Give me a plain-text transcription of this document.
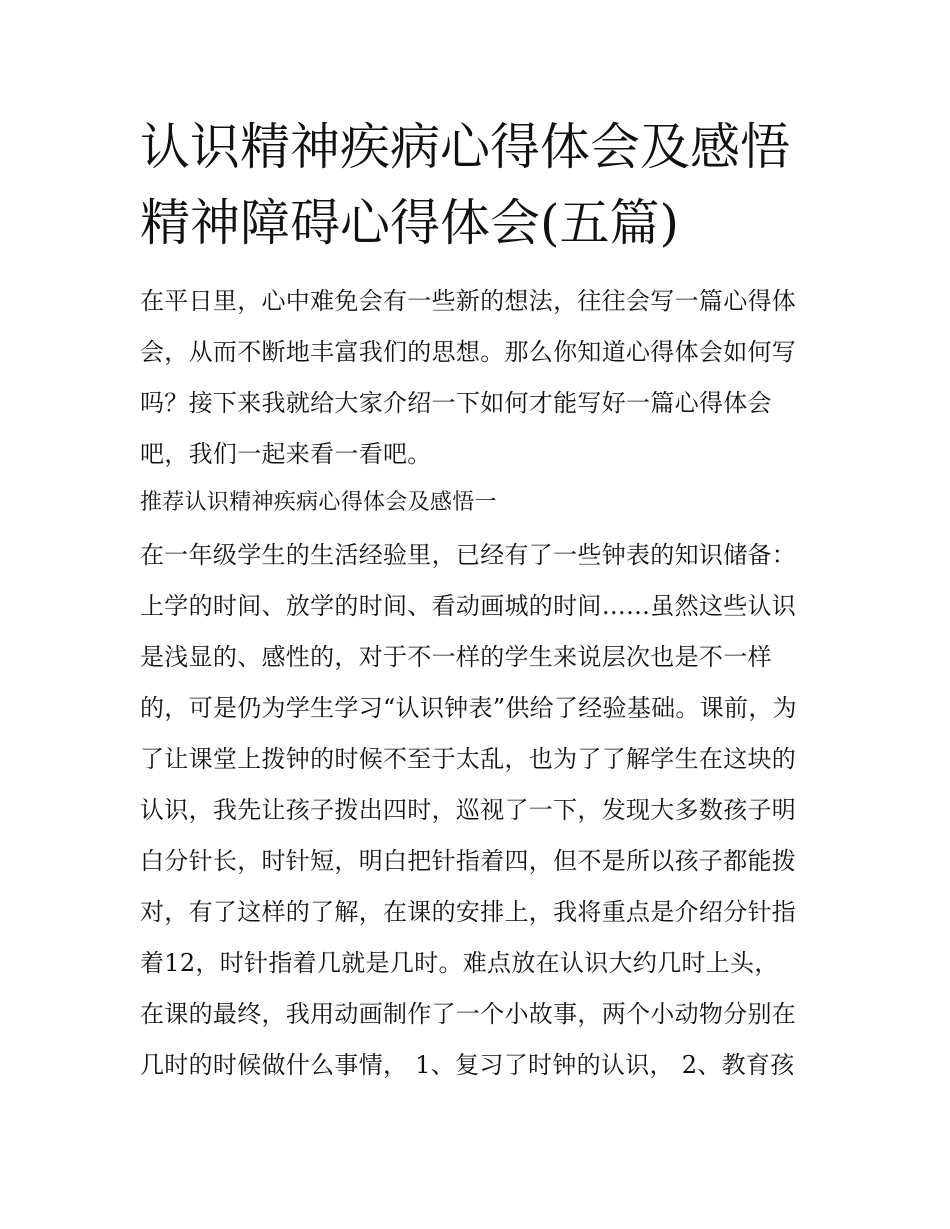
认识精神疾病心得体会及感悟
精神障碍心得体会(五篇)

在平日里，心中难免会有一些新的想法，往往会写一篇心得体

会，从而不断地丰富我们的思想。那么你知道心得体会如何写

吗？接下来我就给大家介绍一下如何才能写好一篇心得体会

吧，我们一起来看一看吧。

推荐认识精神疾病心得体会及感悟一

在一年级学生的生活经验里，已经有了一些钟表的知识储备：

上学的时间、放学的时间、看动画城的时间……虽然这些认识

是浅显的、感性的，对于不一样的学生来说层次也是不一样

的，可是仍为学生学习“认识钟表”供给了经验基础。课前，为

了让课堂上拨钟的时候不至于太乱，也为了了解学生在这块的

认识，我先让孩子拨出四时，巡视了一下，发现大多数孩子明

白分针长，时针短，明白把针指着四，但不是所以孩子都能拨

对，有了这样的了解，在课的安排上，我将重点是介绍分针指

着12，时针指着几就是几时。难点放在认识大约几时上头，

在课的最终，我用动画制作了一个小故事，两个小动物分别在

几时的时候做什么事情， 1、复习了时钟的认识， 2、教育孩
